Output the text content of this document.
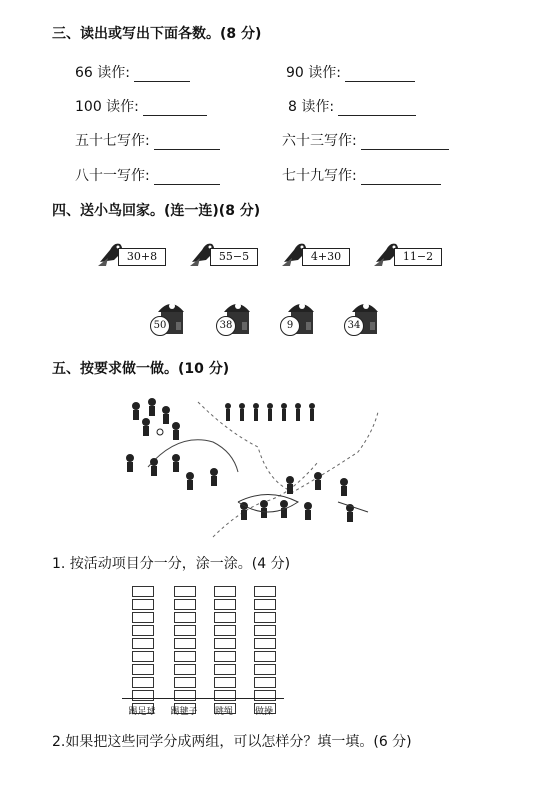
三、读出或写出下面各数。(8 分)
66 读作:	90 读作:
100 读作:	8 读作:
五十七写作:	六十三写作:
八十一写作:	七十九写作:
四、送小鸟回家。(连一连)(8 分)
30+8	55−5	4+30	11−2
50	38	9	34
五、按要求做一做。(10 分)
1. 按活动项目分一分，涂一涂。(4 分)
踢足球	踢毽子	跳绳	做操
2.如果把这些同学分成两组，可以怎样分？填一填。(6 分)
